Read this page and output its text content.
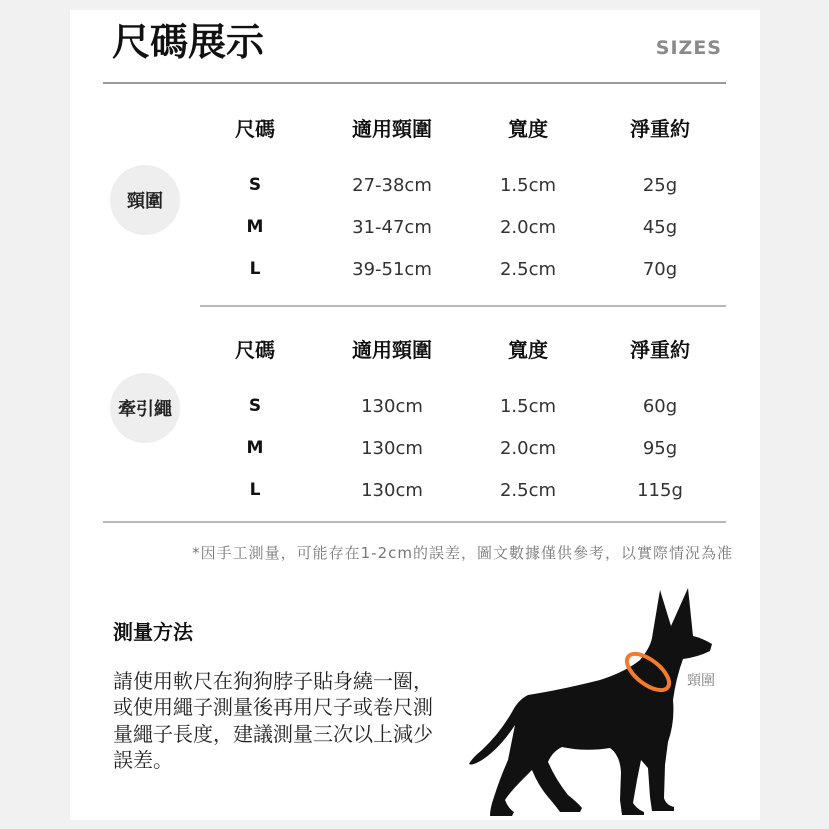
尺碼展示	SIZES
頸圍
尺碼	適用頸圍	寬度	淨重約
S	27-38cm	1.5cm	25g
M	31-47cm	2.0cm	45g
L	39-51cm	2.5cm	70g
牽引繩
尺碼	適用頸圍	寬度	淨重約
S	130cm	1.5cm	60g
M	130cm	2.0cm	95g
L	130cm	2.5cm	115g
*因手工測量，可能存在1-2cm的誤差，圖文數據僅供參考，以實際情況為准
測量方法
請使用軟尺在狗狗脖子貼身繞一圈，
或使用繩子測量後再用尺子或卷尺測
量繩子長度，建議測量三次以上減少
誤差。
頸圍
